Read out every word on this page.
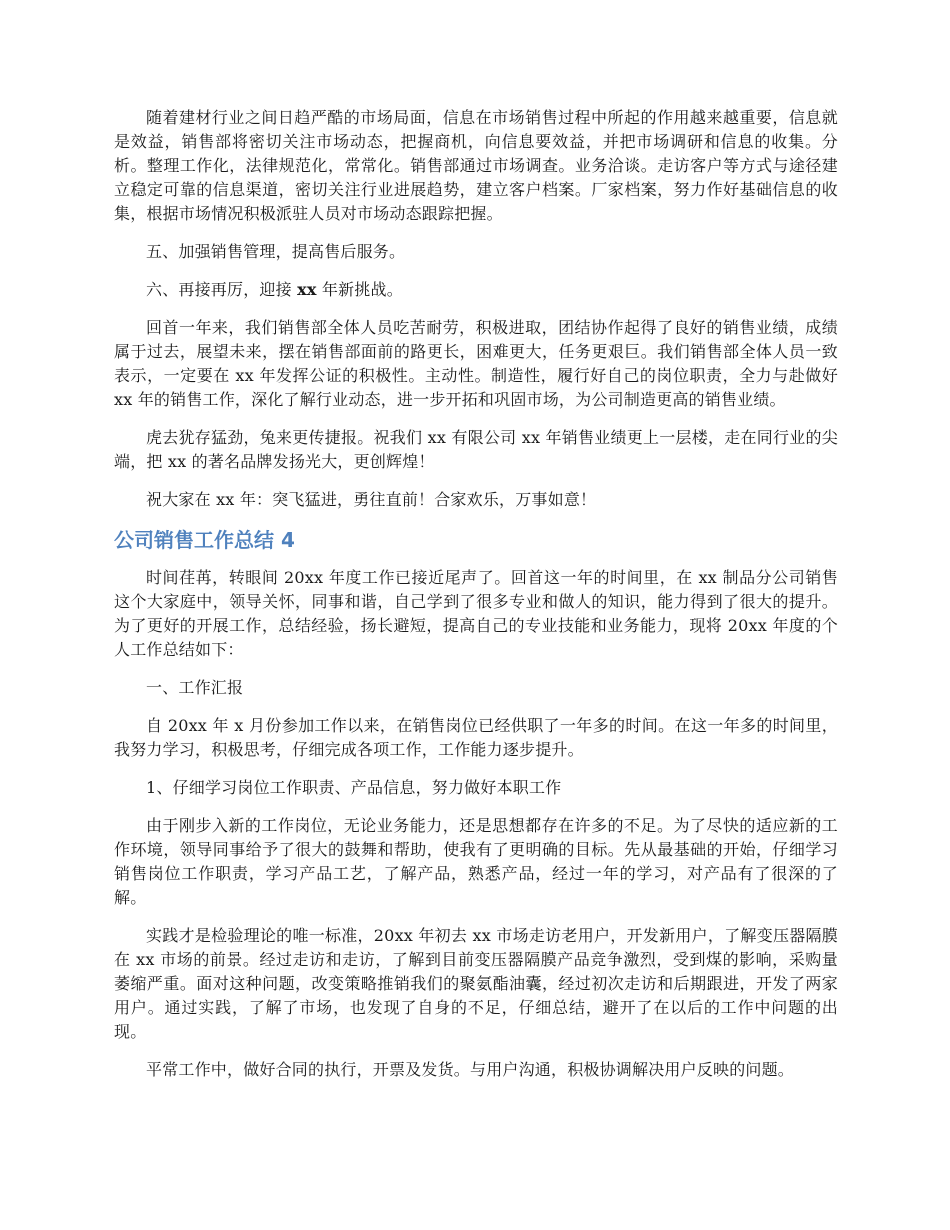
随着建材行业之间日趋严酷的市场局面，信息在市场销售过程中所起的作用越来越重要，信息就是效益，销售部将密切关注市场动态，把握商机，向信息要效益，并把市场调研和信息的收集。分析。整理工作化，法律规范化，常常化。销售部通过市场调查。业务洽谈。走访客户等方式与途径建立稳定可靠的信息渠道，密切关注行业进展趋势，建立客户档案。厂家档案，努力作好基础信息的收集，根据市场情况积极派驻人员对市场动态跟踪把握。

五、加强销售管理，提高售后服务。

六、再接再厉，迎接 xx 年新挑战。

回首一年来，我们销售部全体人员吃苦耐劳，积极进取，团结协作起得了良好的销售业绩，成绩属于过去，展望未来，摆在销售部面前的路更长，困难更大，任务更艰巨。我们销售部全体人员一致表示，一定要在 xx 年发挥公证的积极性。主动性。制造性，履行好自己的岗位职责，全力与赴做好 xx 年的销售工作，深化了解行业动态，进一步开拓和巩固市场，为公司制造更高的销售业绩。

虎去犹存猛劲，兔来更传捷报。祝我们 xx 有限公司 xx 年销售业绩更上一层楼，走在同行业的尖端，把 xx 的著名品牌发扬光大，更创辉煌！

祝大家在 xx 年：突飞猛进，勇往直前！合家欢乐，万事如意！

公司销售工作总结 4

时间荏苒，转眼间 20xx 年度工作已接近尾声了。回首这一年的时间里，在 xx 制品分公司销售这个大家庭中，领导关怀，同事和谐，自己学到了很多专业和做人的知识，能力得到了很大的提升。为了更好的开展工作，总结经验，扬长避短，提高自己的专业技能和业务能力，现将 20xx 年度的个人工作总结如下：

一、工作汇报

自 20xx 年 x 月份参加工作以来，在销售岗位已经供职了一年多的时间。在这一年多的时间里，我努力学习，积极思考，仔细完成各项工作，工作能力逐步提升。

1、仔细学习岗位工作职责、产品信息，努力做好本职工作

由于刚步入新的工作岗位，无论业务能力，还是思想都存在许多的不足。为了尽快的适应新的工作环境，领导同事给予了很大的鼓舞和帮助，使我有了更明确的目标。先从最基础的开始，仔细学习销售岗位工作职责，学习产品工艺，了解产品，熟悉产品，经过一年的学习，对产品有了很深的了解。

实践才是检验理论的唯一标准，20xx 年初去 xx 市场走访老用户，开发新用户，了解变压器隔膜在 xx 市场的前景。经过走访和走访，了解到目前变压器隔膜产品竞争激烈，受到煤的影响，采购量萎缩严重。面对这种问题，改变策略推销我们的聚氨酯油囊，经过初次走访和后期跟进，开发了两家用户。通过实践，了解了市场，也发现了自身的不足，仔细总结，避开了在以后的工作中问题的出现。

平常工作中，做好合同的执行，开票及发货。与用户沟通，积极协调解决用户反映的问题。
